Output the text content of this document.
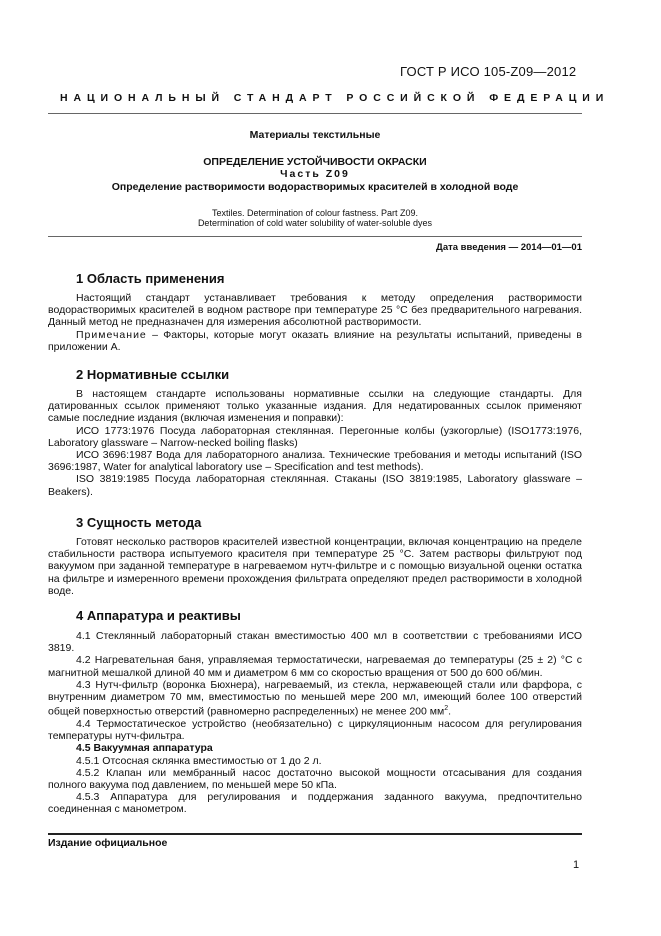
ГОСТ Р ИСО 105-Z09—2012
НАЦИОНАЛЬНЫЙ СТАНДАРТ РОССИЙСКОЙ ФЕДЕРАЦИИ
Материалы текстильные
ОПРЕДЕЛЕНИЕ УСТОЙЧИВОСТИ ОКРАСКИ
Часть Z09
Определение растворимости водорастворимых красителей в холодной воде
Textiles. Determination of colour fastness. Part Z09.
Determination of cold water solubility of water-soluble dyes
Дата введения — 2014—01—01
1 Область применения

Настоящий стандарт устанавливает требования к методу определения растворимости водорастворимых красителей в водном растворе при температуре 25 °С без предварительного нагревания. Данный метод не предназначен для измерения абсолютной растворимости.

Примечание – Факторы, которые могут оказать влияние на результаты испытаний, приведены в приложении А.

2 Нормативные ссылки

В настоящем стандарте использованы нормативные ссылки на следующие стандарты. Для датированных ссылок применяют только указанные издания. Для недатированных ссылок применяют самые последние издания (включая изменения и поправки):

ИСО 1773:1976 Посуда лабораторная стеклянная. Перегонные колбы (узкогорлые) (ISO1773:1976, Laboratory glassware – Narrow-necked boiling flasks)

ИСО 3696:1987 Вода для лабораторного анализа. Технические требования и методы испытаний (ISO 3696:1987, Water for analytical laboratory use – Specification and test methods).

ISO 3819:1985 Посуда лабораторная стеклянная. Стаканы (ISO 3819:1985, Laboratory glassware – Beakers).

3 Сущность метода

Готовят несколько растворов красителей известной концентрации, включая концентрацию на пределе стабильности раствора испытуемого красителя при температуре 25 °С. Затем растворы фильтруют под вакуумом при заданной температуре в нагреваемом нутч-фильтре и с помощью визуальной оценки остатка на фильтре и измеренного времени прохождения фильтрата определяют предел растворимости в холодной воде.

4 Аппаратура и реактивы

4.1 Стеклянный лабораторный стакан вместимостью 400 мл в соответствии с требованиями ИСО 3819.

4.2 Нагревательная баня, управляемая термостатически, нагреваемая до температуры (25 ± 2) °С с магнитной мешалкой длиной 40 мм и диаметром 6 мм со скоростью вращения от 500 до 600 об/мин.

4.3 Нутч-фильтр (воронка Бюхнера), нагреваемый, из стекла, нержавеющей стали или фарфора, с внутренним диаметром 70 мм, вместимостью по меньшей мере 200 мл, имеющий более 100 отверстий общей поверхностью отверстий (равномерно распределенных) не менее 200 $мм^2$.

4.4 Термостатическое устройство (необязательно) с циркуляционным насосом для регулирования температуры нутч-фильтра.

4.5 Вакуумная аппаратура

4.5.1 Отсосная склянка вместимостью от 1 до 2 л.

4.5.2 Клапан или мембранный насос достаточно высокой мощности отсасывания для создания полного вакуума под давлением, по меньшей мере 50 кПа.

4.5.3 Аппаратура для регулирования и поддержания заданного вакуума, предпочтительно соединенная с манометром.

Издание официальное
1
